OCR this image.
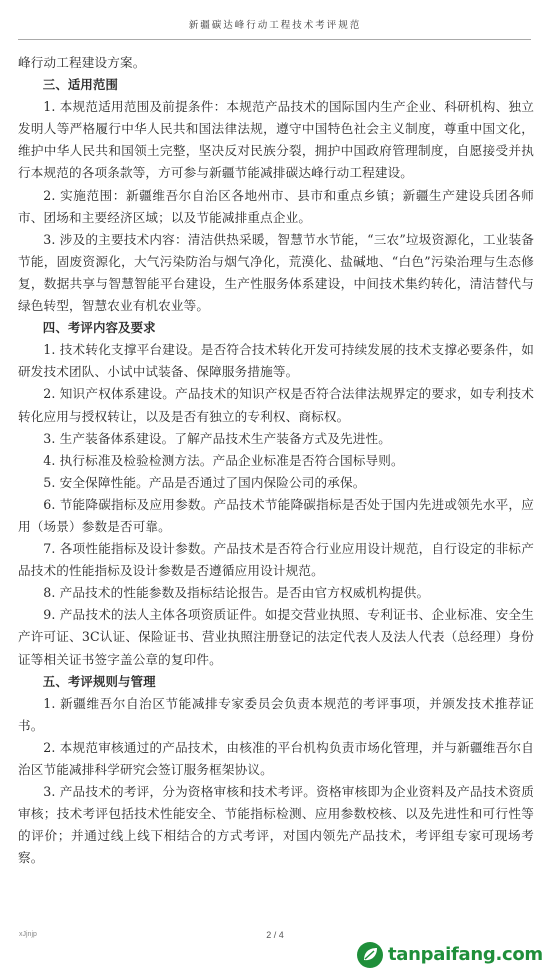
新疆碳达峰行动工程技术考评规范

峰行动工程建设方案。

三、适用范围

1. 本规范适用范围及前提条件：本规范产品技术的国际国内生产企业、科研机构、独立发明人等严格履行中华人民共和国法律法规，遵守中国特色社会主义制度，尊重中国文化，维护中华人民共和国领土完整，坚决反对民族分裂，拥护中国政府管理制度，自愿接受并执行本规范的各项条款等，方可参与新疆节能减排碳达峰行动工程建设。

2. 实施范围：新疆维吾尔自治区各地州市、县市和重点乡镇；新疆生产建设兵团各师市、团场和主要经济区域；以及节能减排重点企业。

3. 涉及的主要技术内容：清洁供热采暖，智慧节水节能，“三农”垃圾资源化，工业装备节能，固废资源化，大气污染防治与烟气净化，荒漠化、盐碱地、“白色”污染治理与生态修复，数据共享与智慧智能平台建设，生产性服务体系建设，中间技术集约转化，清洁替代与绿色转型，智慧农业有机农业等。

四、考评内容及要求

1. 技术转化支撑平台建设。是否符合技术转化开发可持续发展的技术支撑必要条件，如研发技术团队、小试中试装备、保障服务措施等。

2. 知识产权体系建设。产品技术的知识产权是否符合法律法规界定的要求，如专利技术转化应用与授权转让，以及是否有独立的专利权、商标权。

3. 生产装备体系建设。了解产品技术生产装备方式及先进性。

4. 执行标准及检验检测方法。产品企业标准是否符合国标导则。

5. 安全保障性能。产品是否通过了国内保险公司的承保。

6. 节能降碳指标及应用参数。产品技术节能降碳指标是否处于国内先进或领先水平，应用（场景）参数是否可靠。

7. 各项性能指标及设计参数。产品技术是否符合行业应用设计规范，自行设定的非标产品技术的性能指标及设计参数是否遵循应用设计规范。

8. 产品技术的性能参数及指标结论报告。是否由官方权威机构提供。

9. 产品技术的法人主体各项资质证件。如提交营业执照、专利证书、企业标准、安全生产许可证、3C认证、保险证书、营业执照注册登记的法定代表人及法人代表（总经理）身份证等相关证书签字盖公章的复印件。

五、考评规则与管理

1. 新疆维吾尔自治区节能减排专家委员会负责本规范的考评事项，并颁发技术推荐证书。

2. 本规范审核通过的产品技术，由核准的平台机构负责市场化管理，并与新疆维吾尔自治区节能减排科学研究会签订服务框架协议。

3. 产品技术的考评，分为资格审核和技术考评。资格审核即为企业资料及产品技术资质审核；技术考评包括技术性能安全、节能指标检测、应用参数校核、以及先进性和可行性等的评价；并通过线上线下相结合的方式考评，对国内领先产品技术，考评组专家可现场考察。

xJjnjp	2 / 4
tanpaifang.com
